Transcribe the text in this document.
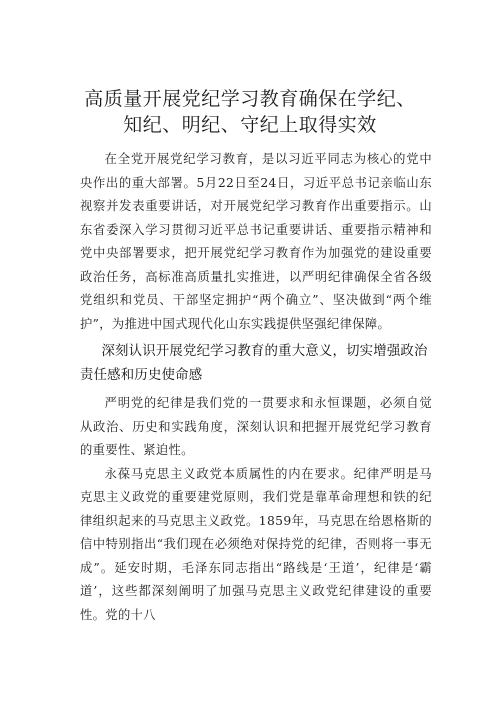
高质量开展党纪学习教育确保在学纪、
知纪、明纪、守纪上取得实效

在全党开展党纪学习教育，是以习近平同志为核心的党中央作出的重大部署。5月22日至24日，习近平总书记亲临山东视察并发表重要讲话，对开展党纪学习教育作出重要指示。山东省委深入学习贯彻习近平总书记重要讲话、重要指示精神和党中央部署要求，把开展党纪学习教育作为加强党的建设重要政治任务，高标准高质量扎实推进，以严明纪律确保全省各级党组织和党员、干部坚定拥护“两个确立”、坚决做到“两个维护”，为推进中国式现代化山东实践提供坚强纪律保障。

深刻认识开展党纪学习教育的重大意义，切实增强政治责任感和历史使命感

严明党的纪律是我们党的一贯要求和永恒课题，必须自觉从政治、历史和实践角度，深刻认识和把握开展党纪学习教育的重要性、紧迫性。

永葆马克思主义政党本质属性的内在要求。纪律严明是马克思主义政党的重要建党原则，我们党是靠革命理想和铁的纪律组织起来的马克思主义政党。1859年，马克思在给恩格斯的信中特别指出“我们现在必须绝对保持党的纪律，否则将一事无成”。延安时期，毛泽东同志指出“路线是‘王道’，纪律是‘霸道’，这些都深刻阐明了加强马克思主义政党纪律建设的重要性。党的十八
